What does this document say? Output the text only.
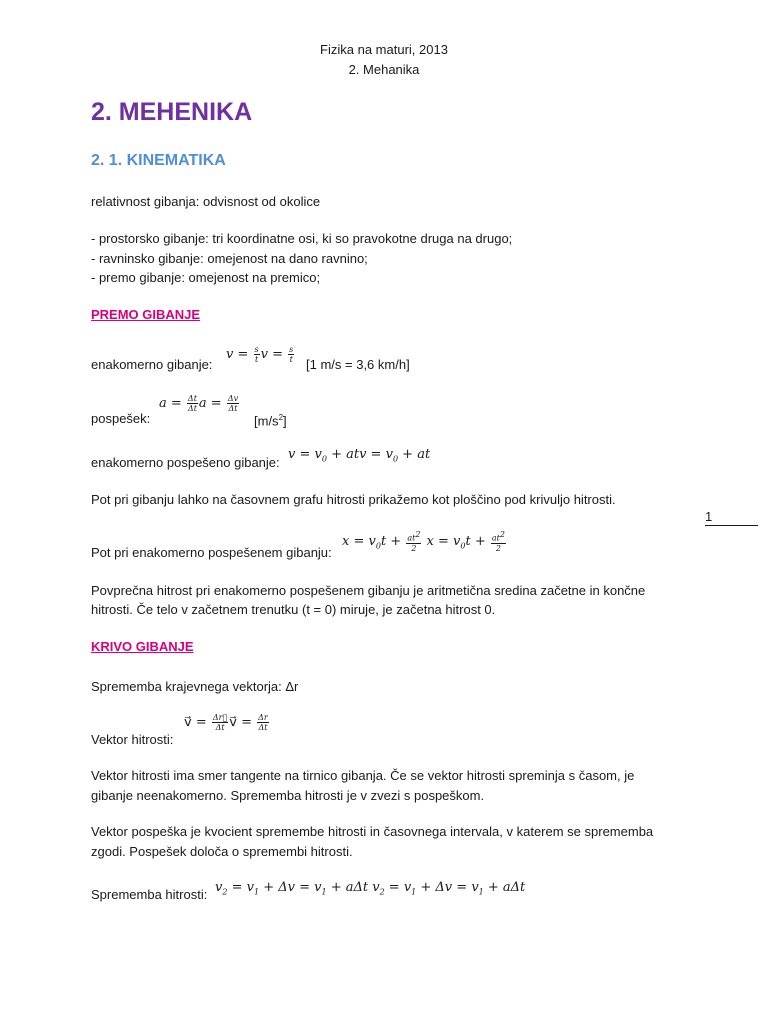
Fizika na maturi, 2013
2. Mehanika
2. MEHENIKA
2. 1. KINEMATIKA
relativnost gibanja: odvisnost od okolice
- prostorsko gibanje: tri koordinatne osi, ki so pravokotne druga na drugo;
- ravninsko gibanje: omejenost na dano ravnino;
- premo gibanje: omejenost na premico;
PREMO GIBANJE
enakomerno gibanje:
$v = \frac{s}{t}$ $v = \frac{s}{t}$
[1 m/s = 3,6 km/h]
pospešek:
$a = \frac{\Delta t}{\Delta t}$ $a = \frac{\Delta v}{\Delta t}$
$[m/s^2]$
enakomerno pospešeno gibanje:
$v = v_0$ + atv = $v_0$ + at
Pot pri gibanju lahko na časovnem grafu hitrosti prikažemo kot ploščino pod krivuljo hitrosti.
Pot pri enakomerno pospešenem gibanju:
$x = v_0t + \frac{at^2}{2}$ $x = v_0t + \frac{at^2}{2}$
Povprečna hitrost pri enakomerno pospešenem gibanju je aritmetična sredina začetne in končne
hitrosti. Če telo v začetnem trenutku (t = 0) miruje, je začetna hitrost 0.
KRIVO GIBANJE
Sprememba krajevnega vektorja: Δr
Vektor hitrosti:
v⃗ = $\frac{\Delta r⃗}{\Delta t}$ v⃗ = $\frac{\Delta r}{\Delta t}$
Vektor hitrosti ima smer tangente na tirnico gibanja. Če se vektor hitrosti spreminja s časom, je
gibanje neenakomerno. Sprememba hitrosti je v zvezi s pospeškom.
Vektor pospeška je kvocient spremembe hitrosti in časovnega intervala, v katerem se sprememba
zgodi. Pospešek določa o spremembi hitrosti.
Sprememba hitrosti: $v_2 = v_1 + \Delta v = v_1 + a\Delta t$ $v_2 = v_1 + \Delta v = v_1 + a\Delta t$
1
